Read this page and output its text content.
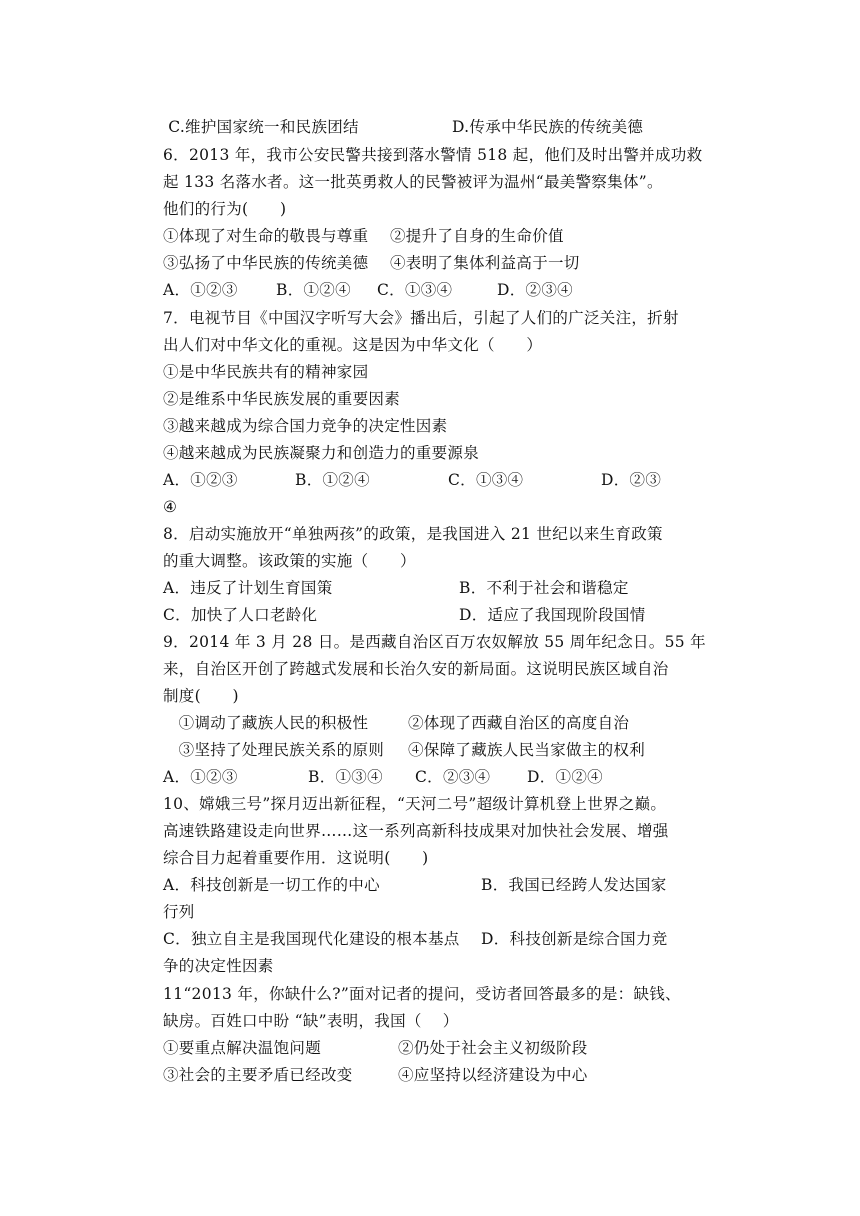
C.维护国家统一和民族团结	D.传承中华民族的传统美德
6．2013 年，我市公安民警共接到落水警情 518 起，他们及时出警并成功救
起 133 名落水者。这一批英勇救人的民警被评为温州“最美警察集体”。
他们的行为(　　)
①体现了对生命的敬畏与尊重 ②提升了自身的生命价值
③弘扬了中华民族的传统美德 ④表明了集体利益高于一切
A．①②③ B．①②④ C．①③④	D．②③④
7．电视节目《中国汉字听写大会》播出后，引起了人们的广泛关注，折射
出人们对中华文化的重视。这是因为中华文化（　　）
①是中华民族共有的精神家园
②是维系中华民族发展的重要因素
③越来越成为综合国力竞争的决定性因素
④越来越成为民族凝聚力和创造力的重要源泉
A．①②③	B．①②④	C．①③④	D．②③
④
8．启动实施放开“单独两孩”的政策，是我国进入 21 世纪以来生育政策
的重大调整。该政策的实施（　　）
A．违反了计划生育国策	B．不利于社会和谐稳定
C．加快了人口老龄化	D．适应了我国现阶段国情
9．2014 年 3 月 28 日。是西藏自治区百万农奴解放 55 周年纪念日。55 年
来，自治区开创了跨越式发展和长治久安的新局面。这说明民族区域自治
制度(　　)
①调动了藏族人民的积极性	②体现了西藏自治区的高度自治
③坚持了处理民族关系的原则 ④保障了藏族人民当家做主的权利
A．①②③	B．①③④ C．②③④ D．①②④
10、嫦娥三号”探月迈出新征程，“天河二号”超级计算机登上世界之巅。
高速铁路建设走向世界……这一系列高新科技成果对加快社会发展、增强
综合目力起着重要作用．这说明(　　)
A．科技创新是一切工作的中心	B．我国已经跨人发达国家
行列
C．独立自主是我国现代化建设的根本基点 D．科技创新是综合国力竞
争的决定性因素
11“2013 年，你缺什么?”面对记者的提问，受访者回答最多的是：缺钱、
缺房。百姓口中盼 “缺”表明，我国（　 ）
①要重点解决温饱问题	②仍处于社会主义初级阶段
③社会的主要矛盾已经改变	④应坚持以经济建设为中心
